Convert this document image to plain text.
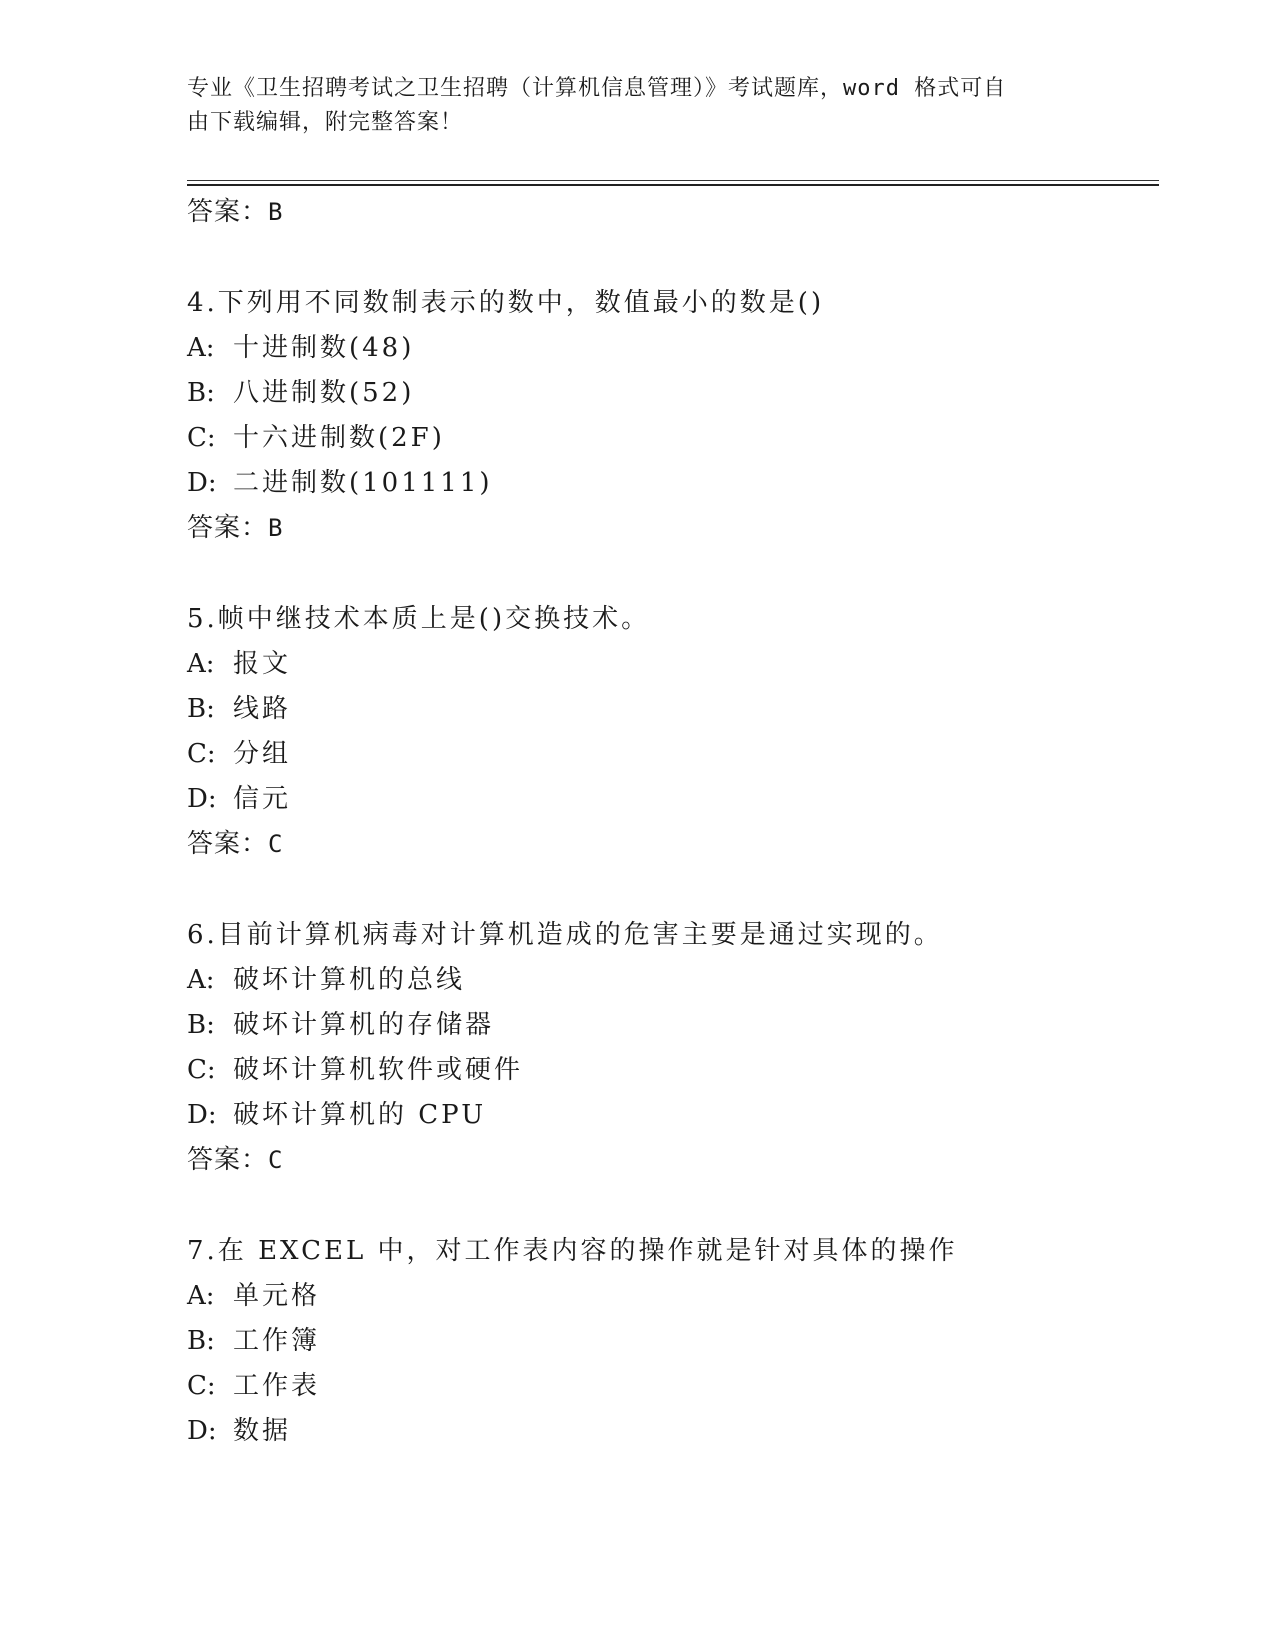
专业《卫生招聘考试之卫生招聘（计算机信息管理）》考试题库，word 格式可自
由下载编辑，附完整答案！
答案：B
4.下列用不同数制表示的数中，数值最小的数是()
A: 十进制数(48)
B: 八进制数(52)
C: 十六进制数(2F)
D: 二进制数(101111)
答案：B
5.帧中继技术本质上是()交换技术。
A: 报文
B: 线路
C: 分组
D: 信元
答案：C
6.目前计算机病毒对计算机造成的危害主要是通过实现的。
A: 破坏计算机的总线
B: 破坏计算机的存储器
C: 破坏计算机软件或硬件
D: 破坏计算机的 CPU
答案：C
7.在 EXCEL 中，对工作表内容的操作就是针对具体的操作
A: 单元格
B: 工作簿
C: 工作表
D: 数据
